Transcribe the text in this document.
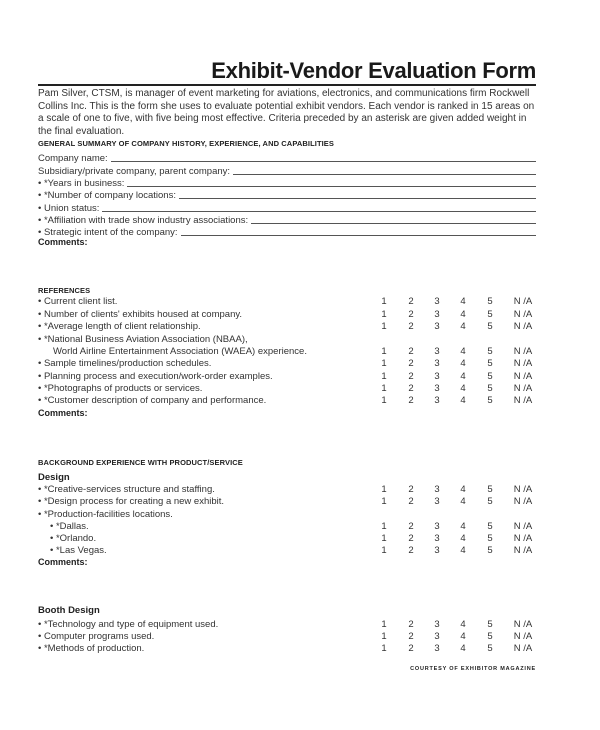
Exhibit-Vendor Evaluation Form
Pam Silver, CTSM, is manager of event marketing for aviations, electronics, and communications firm Rockwell Collins Inc. This is the form she uses to evaluate potential exhibit vendors. Each vendor is ranked in 15 areas on a scale of one to five, with five being most effective. Criteria preceded by an asterisk are given added weight in the final evaluation.
GENERAL SUMMARY OF COMPANY HISTORY, EXPERIENCE, AND CAPABILITIES
Company name:
Subsidiary/private company, parent company:
• *Years in business:
• *Number of company locations:
• Union status:
• *Affiliation with trade show industry associations:
• Strategic intent of the company:
Comments:
REFERENCES
• Current client list.	1	2	3	4	5	N /A
• Number of clients' exhibits housed at company.	1	2	3	4	5	N /A
• *Average length of client relationship.	1	2	3	4	5	N /A
• *National Business Aviation Association (NBAA),
World Airline Entertainment Association (WAEA) experience.	1	2	3	4	5	N /A
• Sample timelines/production schedules.	1	2	3	4	5	N /A
• Planning process and execution/work-order examples.	1	2	3	4	5	N /A
• *Photographs of products or services.	1	2	3	4	5	N /A
• *Customer description of company and performance.	1	2	3	4	5	N /A
Comments:
BACKGROUND EXPERIENCE WITH PRODUCT/SERVICE
Design
• *Creative-services structure and staffing.	1	2	3	4	5	N /A
• *Design process for creating a new exhibit.	1	2	3	4	5	N /A
• *Production-facilities locations.
• *Dallas.	1	2	3	4	5	N /A
• *Orlando.	1	2	3	4	5	N /A
• *Las Vegas.	1	2	3	4	5	N /A
Comments:
Booth Design
• *Technology and type of equipment used.	1	2	3	4	5	N /A
• Computer programs used.	1	2	3	4	5	N /A
• *Methods of production.	1	2	3	4	5	N /A
COURTESY OF EXHIBITOR MAGAZINE
